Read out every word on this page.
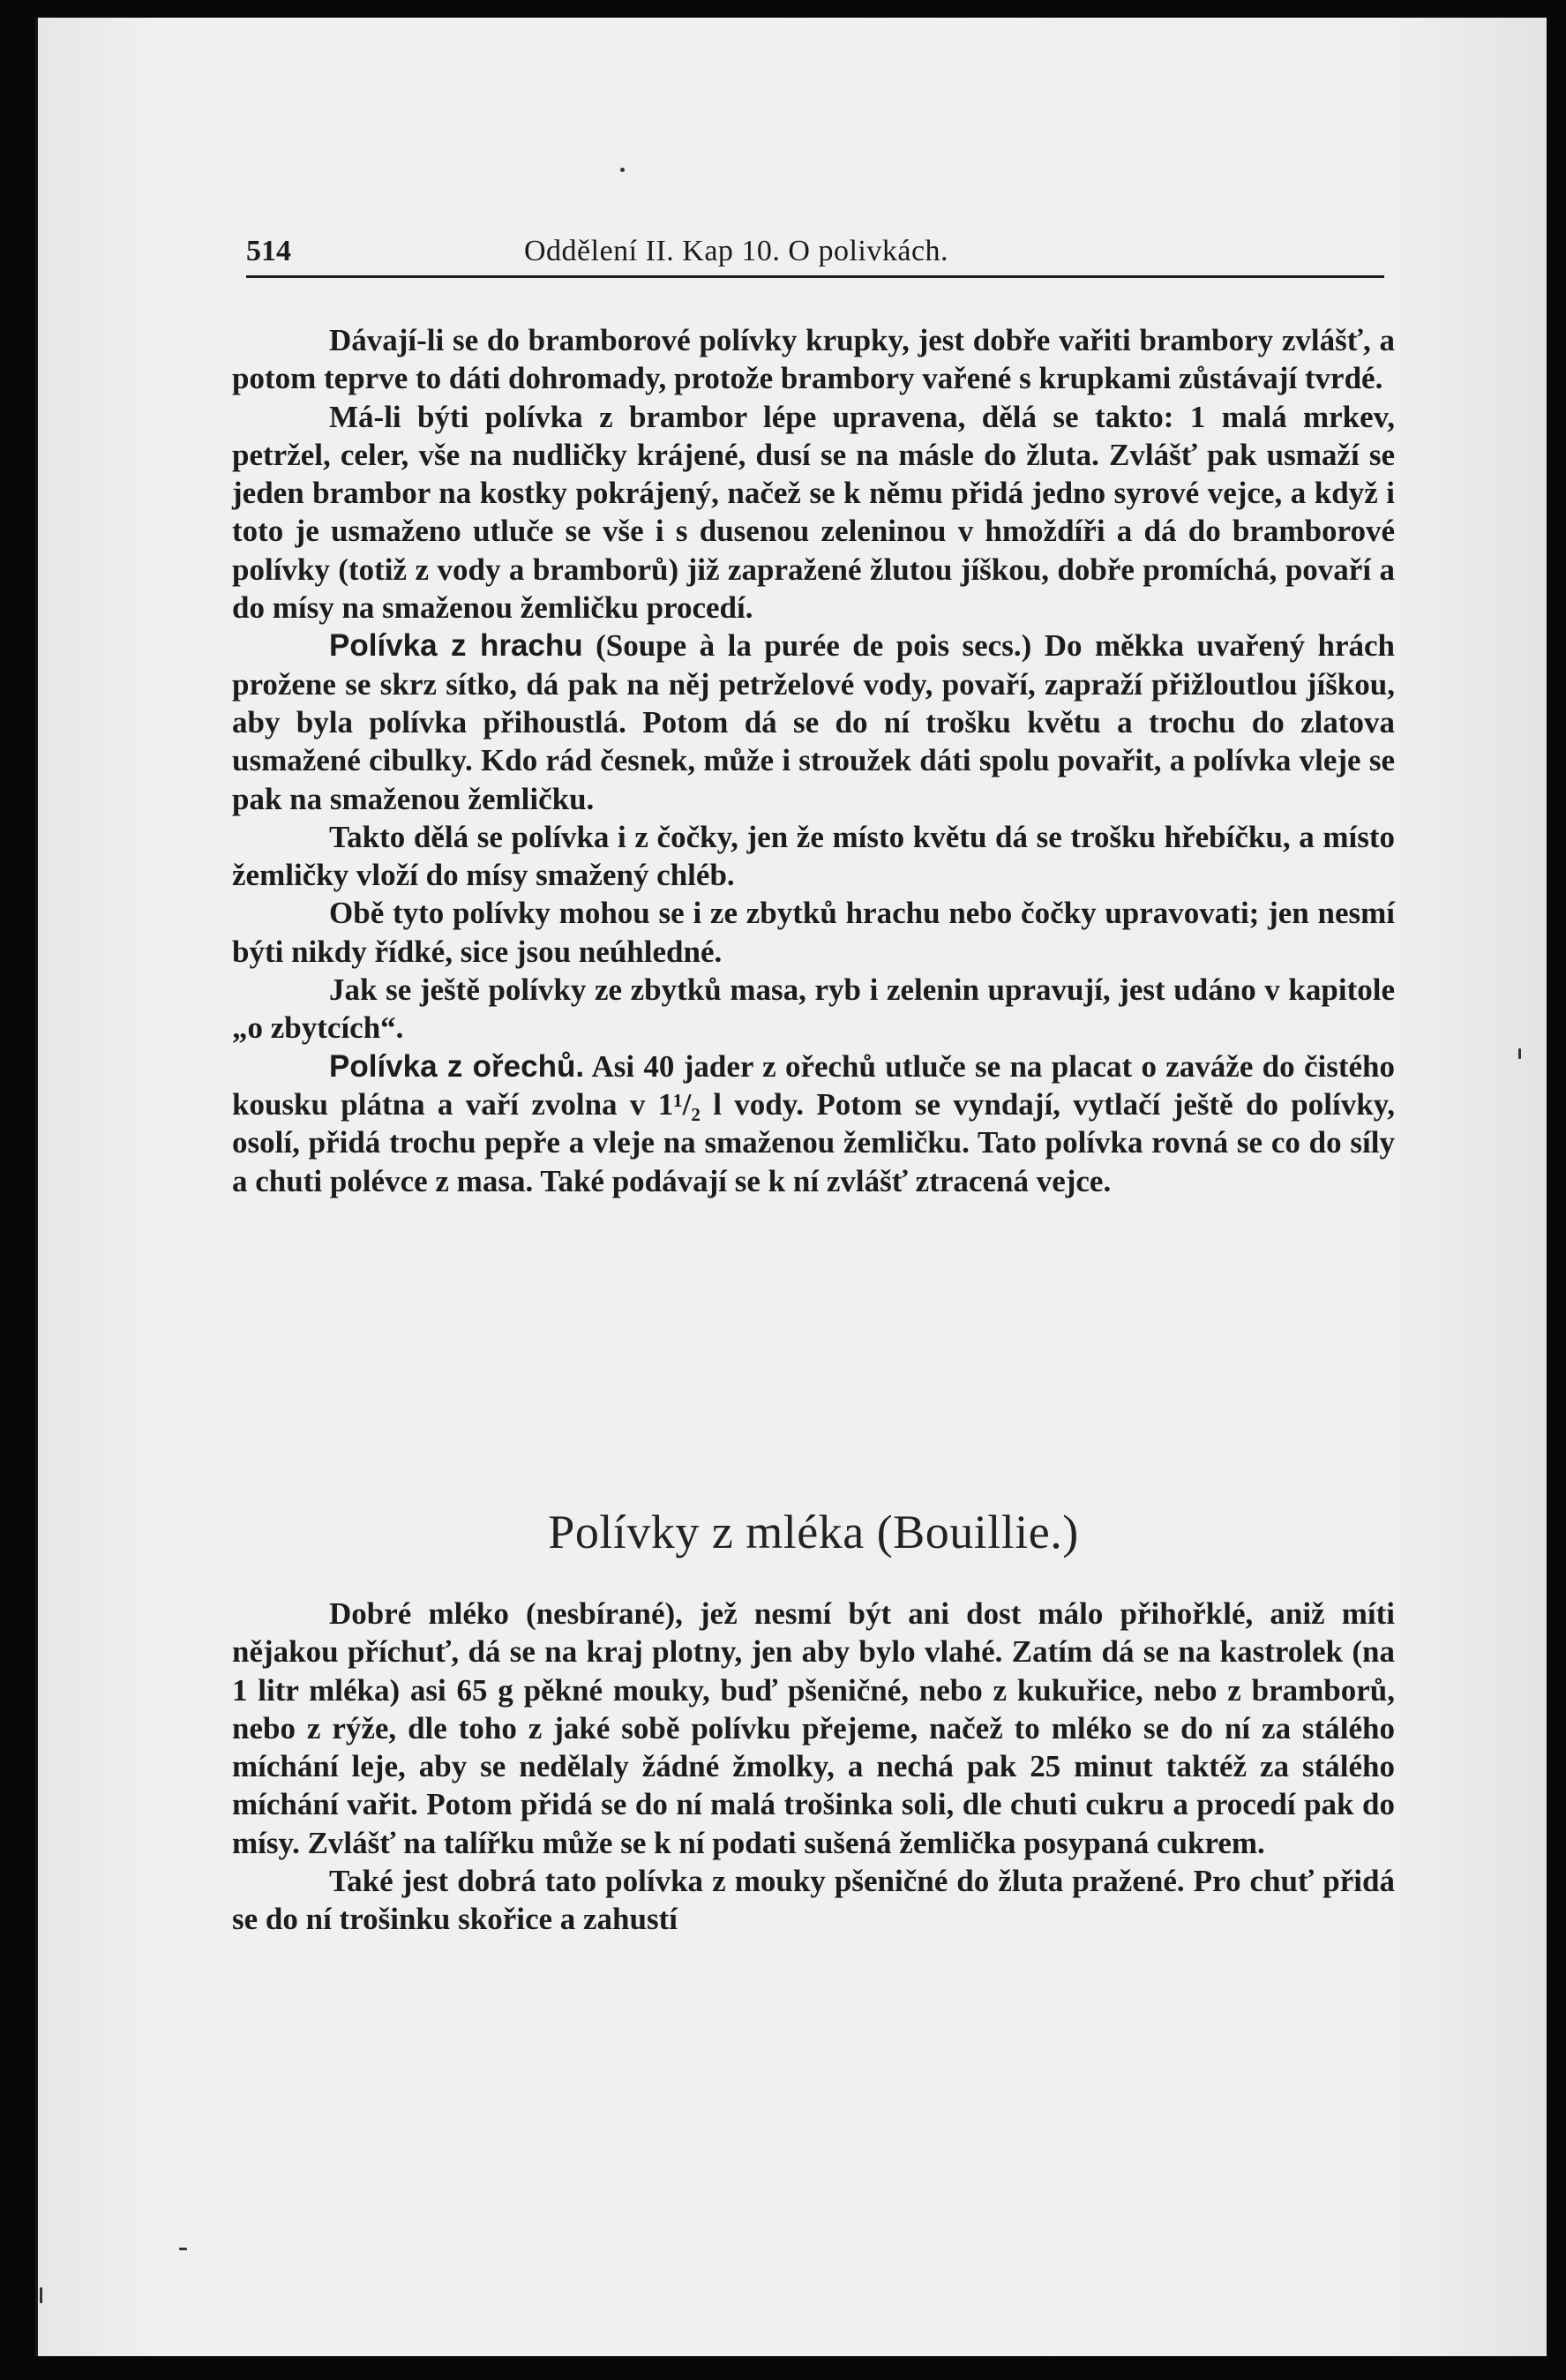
514	Oddělení II. Kap 10. O polivkách.

Dávají-li se do bramborové polívky krupky, jest dobře vařiti brambory zvlášť, a potom teprve to dáti dohromady, protože brambory vařené s krupkami zůstávají tvrdé.

Má-li býti polívka z brambor lépe upravena, dělá se takto: 1 malá mrkev, petržel, celer, vše na nudličky krájené, dusí se na másle do žluta. Zvlášť pak usmaží se jeden brambor na kostky pokrájený, načež se k němu přidá jedno syrové vejce, a když i toto je usmaženo utluče se vše i s dusenou zeleninou v hmoždíři a dá do bramborové polívky (totiž z vody a bramborů) již zapražené žlutou jíškou, dobře promíchá, povaří a do mísy na smaženou žemličku procedí.

Polívka z hrachu (Soupe à la purée de pois secs.) Do měkka uvařený hrách prožene se skrz sítko, dá pak na něj petrželové vody, povaří, zapraží přižloutlou jíškou, aby byla polívka přihoustlá. Potom dá se do ní trošku květu a trochu do zlatova usmažené cibulky. Kdo rád česnek, může i stroužek dáti spolu povařit, a polívka vleje se pak na smaženou žemličku.

Takto dělá se polívka i z čočky, jen že místo květu dá se trošku hřebíčku, a místo žemličky vloží do mísy smažený chléb.

Obě tyto polívky mohou se i ze zbytků hrachu nebo čočky upravovati; jen nesmí býti nikdy řídké, sice jsou neúhledné.

Jak se ještě polívky ze zbytků masa, ryb i zelenin upravují, jest udáno v kapitole „o zbytcích“.

Polívka z ořechů. Asi 40 jader z ořechů utluče se na placat o zaváže do čistého kousku plátna a vaří zvolna v 1¹/₂ l vody. Potom se vyndají, vytlačí ještě do polívky, osolí, přidá trochu pepře a vleje na smaženou žemličku. Tato polívka rovná se co do síly a chuti polévce z masa. Také podávají se k ní zvlášť ztracená vejce.

Polívky z mléka (Bouillie.)

Dobré mléko (nesbírané), jež nesmí být ani dost málo přihořklé, aniž míti nějakou příchuť, dá se na kraj plotny, jen aby bylo vlahé. Zatím dá se na kastrolek (na 1 litr mléka) asi 65 g pěkné mouky, buď pšeničné, nebo z kukuřice, nebo z bramborů, nebo z rýže, dle toho z jaké sobě polívku přejeme, načež to mléko se do ní za stálého míchání leje, aby se nedělaly žádné žmolky, a nechá pak 25 minut taktéž za stálého míchání vařit. Potom přidá se do ní malá trošinka soli, dle chuti cukru a procedí pak do mísy. Zvlášť na talířku může se k ní podati sušená žemlička posypaná cukrem.

Také jest dobrá tato polívka z mouky pšeničné do žluta pražené. Pro chuť přidá se do ní trošinku skořice a zahustí
